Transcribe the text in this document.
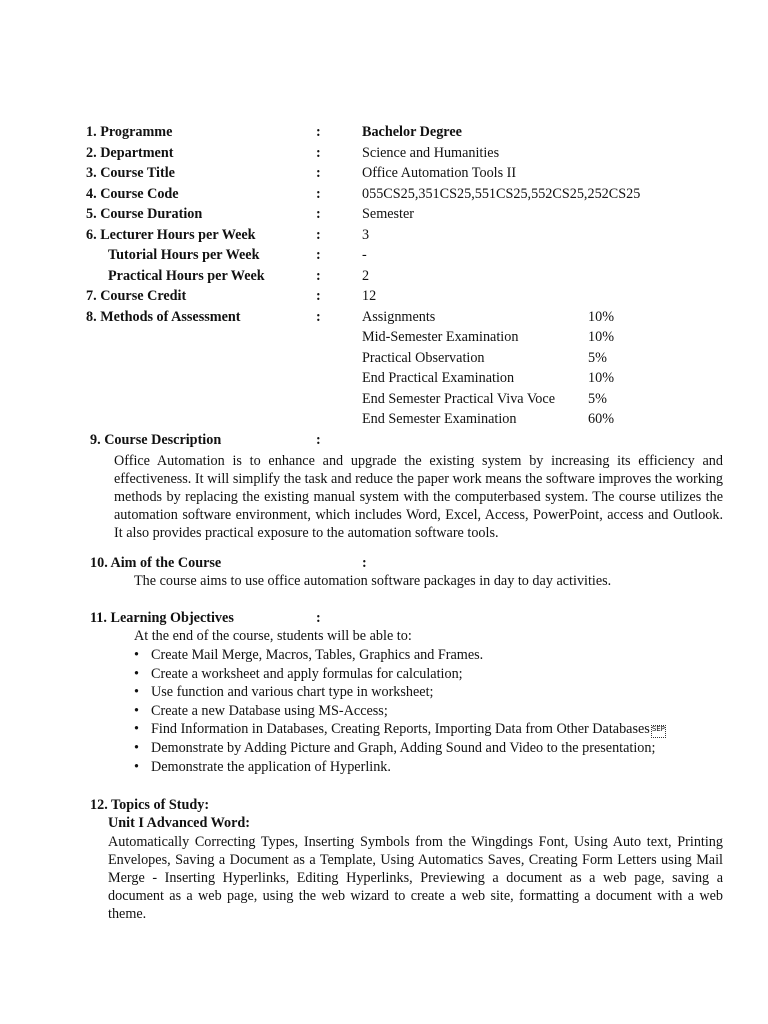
1. Programme	:	Bachelor Degree
2. Department	:	Science and Humanities
3. Course Title	:	Office Automation Tools II
4. Course Code	:	055CS25,351CS25,551CS25,552CS25,252CS25
5. Course Duration	:	Semester
6. Lecturer Hours per Week	:	3
Tutorial Hours per Week	:	-
Practical Hours per Week	:	2
7. Course Credit	:	12
8. Methods of Assessment	:	Assignments	10%
Mid-Semester Examination	10%
Practical Observation	5%
End Practical Examination	10%
End Semester Practical Viva Voce 5%
End Semester Examination	60%
9. Course Description	:

Office Automation is to enhance and upgrade the existing system by increasing its efficiency and effectiveness. It will simplify the task and reduce the paper work means the software improves the working methods by replacing the existing manual system with the computerbased system. The course utilizes the automation software environment, which includes Word, Excel, Access, PowerPoint, access and Outlook. It also provides practical exposure to the automation software tools.

10. Aim of the Course	:
The course aims to use office automation software packages in day to day activities.
11. Learning Objectives	:
At the end of the course, students will be able to:
• Create Mail Merge, Macros, Tables, Graphics and Frames.
• Create a worksheet and apply formulas for calculation;
• Use function and various chart type in worksheet;
• Create a new Database using MS-Access;
• Find Information in Databases, Creating Reports, Importing Data from Other Databases SEP
• Demonstrate by Adding Picture and Graph, Adding Sound and Video to the presentation;
• Demonstrate the application of Hyperlink.
12. Topics of Study:
Unit I Advanced Word:

Automatically Correcting Types, Inserting Symbols from the Wingdings Font, Using Auto text, Printing Envelopes, Saving a Document as a Template, Using Automatics Saves, Creating Form Letters using Mail Merge - Inserting Hyperlinks, Editing Hyperlinks, Previewing a document as a web page, saving a document as a web page, using the web wizard to create a web site, formatting a document with a web theme.
